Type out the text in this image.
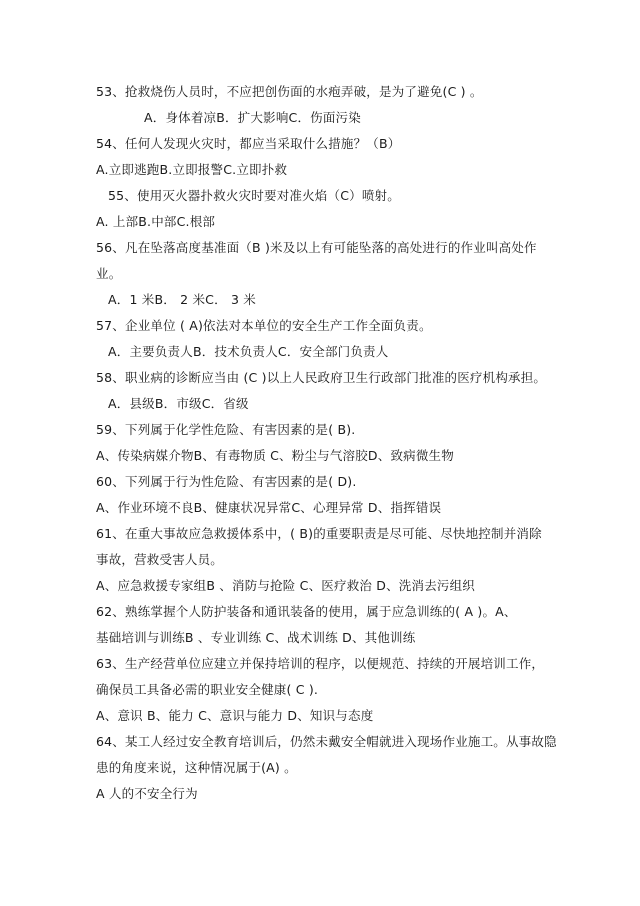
53、抢救烧伤人员时，不应把创伤面的水疱弄破，是为了避免(C ) 。
A．身体着凉B．扩大影响C．伤面污染
54、任何人发现火灾时，都应当采取什么措施？（B）
A.立即逃跑B.立即报警C.立即扑救
55、使用灭火器扑救火灾时要对准火焰（C）喷射。
A. 上部B.中部C.根部
56、凡在坠落高度基准面（B )米及以上有可能坠落的高处进行的作业叫高处作
业。
A．1 米B． 2 米C． 3 米
57、企业单位 ( A)依法对本单位的安全生产工作全面负责。
A．主要负责人B．技术负责人C．安全部门负责人
58、职业病的诊断应当由 (C )以上人民政府卫生行政部门批准的医疗机构承担。
A．县级B．市级C．省级
59、下列属于化学性危险、有害因素的是( B).
A、传染病媒介物B、有毒物质 C、粉尘与气溶胶D、致病微生物
60、下列属于行为性危险、有害因素的是( D).
A、作业环境不良B、健康状况异常C、心理异常 D、指挥错误
61、在重大事故应急救援体系中，( B)的重要职责是尽可能、尽快地控制并消除
事故，营救受害人员。
A、应急救援专家组B 、消防与抢险 C、医疗救治 D、洗消去污组织
62、熟练掌握个人防护装备和通讯装备的使用，属于应急训练的( A )。A、
基础培训与训练B 、专业训练 C、战术训练 D、其他训练
63、生产经营单位应建立并保持培训的程序，以便规范、持续的开展培训工作，
确保员工具备必需的职业安全健康( C ).
A、意识 B、能力 C、意识与能力 D、知识与态度
64、某工人经过安全教育培训后，仍然未戴安全帽就进入现场作业施工。从事故隐
患的角度来说，这种情况属于(A) 。
A 人的不安全行为
